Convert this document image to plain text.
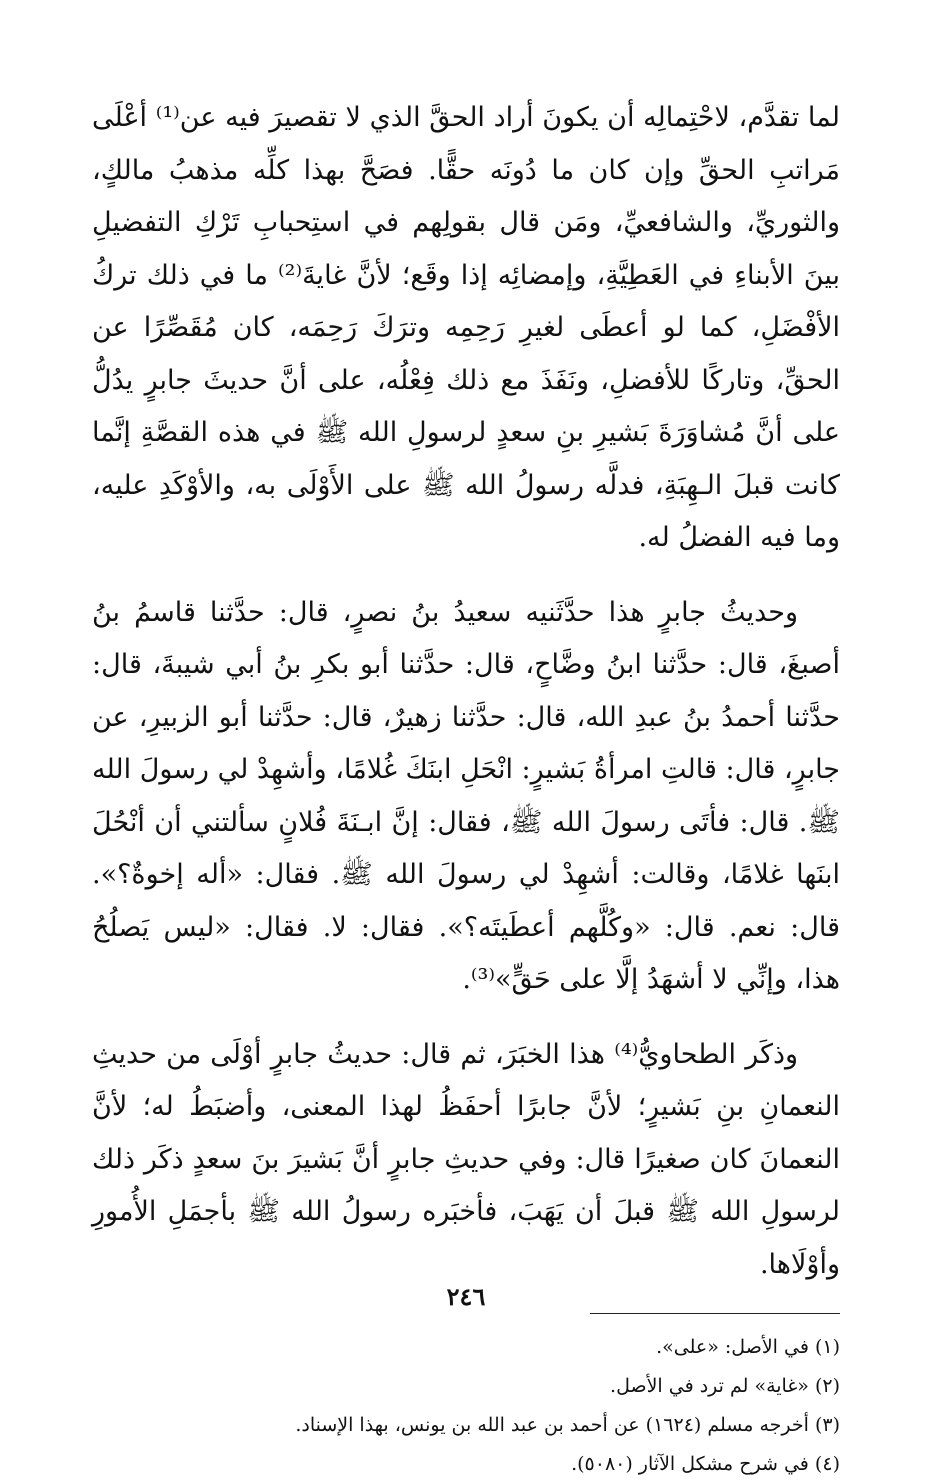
لما تقدَّم، لاحْتِمالِه أن يكونَ أراد الحقَّ الذي لا تقصيرَ فيه عن⁽¹⁾ أعْلَى مَراتبِ الحقِّ وإن كان ما دُونَه حقًّا. فصَحَّ بهذا كلِّه مذهبُ مالكٍ، والثوريِّ، والشافعيِّ، ومَن قال بقولِهم في استِحبابِ تَرْكِ التفضيلِ بينَ الأبناءِ في العَطِيَّةِ، وإمضائِه إذا وقَع؛ لأنَّ غايةَ⁽²⁾ ما في ذلك تركُ الأفْضَلِ، كما لو أعطَى لغيرِ رَحِمِه وترَكَ رَحِمَه، كان مُقَصِّرًا عن الحقِّ، وتاركًا للأفضلِ، ونَفَذَ مع ذلك فِعْلُه، على أنَّ حديثَ جابرٍ يدُلُّ على أنَّ مُشاوَرَةَ بَشيرِ بنِ سعدٍ لرسولِ الله ﷺ في هذه القصَّةِ إنَّما كانت قبلَ الـهِبَةِ، فدلَّه رسولُ الله ﷺ على الأَوْلَى به، والأوْكَدِ عليه، وما فيه الفضلُ له.

وحديثُ جابرٍ هذا حدَّثَنيه سعيدُ بنُ نصرٍ، قال: حدَّثنا قاسمُ بنُ أصبغَ، قال: حدَّثنا ابنُ وضَّاحٍ، قال: حدَّثنا أبو بكرِ بنُ أبي شيبةَ، قال: حدَّثنا أحمدُ بنُ عبدِ الله، قال: حدَّثنا زهيرٌ، قال: حدَّثنا أبو الزبيرِ، عن جابرٍ، قال: قالتِ امرأةُ بَشيرٍ: انْحَلِ ابنَكَ غُلامًا، وأشهِدْ لي رسولَ الله ﷺ. قال: فأتَى رسولَ الله ﷺ، فقال: إنَّ ابـنَةَ فُلانٍ سألتني أن أنْحُلَ ابنَها غلامًا، وقالت: أشهِدْ لي رسولَ الله ﷺ. فقال: «أله إخوةٌ؟». قال: نعم. قال: «وكُلَّهم أعطَيتَه؟». فقال: لا. فقال: «ليس يَصلُحُ هذا، وإنِّي لا أشهَدُ إلَّا على حَقٍّ»⁽³⁾.

وذكَر الطحاويُّ⁽⁴⁾ هذا الخبَرَ، ثم قال: حديثُ جابرٍ أوْلَى من حديثِ النعمانِ بنِ بَشيرٍ؛ لأنَّ جابرًا أحفَظُ لهذا المعنى، وأضبَطُ له؛ لأنَّ النعمانَ كان صغيرًا قال: وفي حديثِ جابرٍ أنَّ بَشيرَ بنَ سعدٍ ذكَر ذلك لرسولِ الله ﷺ قبلَ أن يَهَبَ، فأخبَره رسولُ الله ﷺ بأجمَلِ الأُمورِ وأوْلَاها.

(١) في الأصل: «على».
(٢) «غاية» لم ترد في الأصل.
(٣) أخرجه مسلم (١٦٢٤) عن أحمد بن عبد الله بن يونس، بهذا الإسناد.
(٤) في شرح مشكل الآثار (٥٠٨٠).
٢٤٦
